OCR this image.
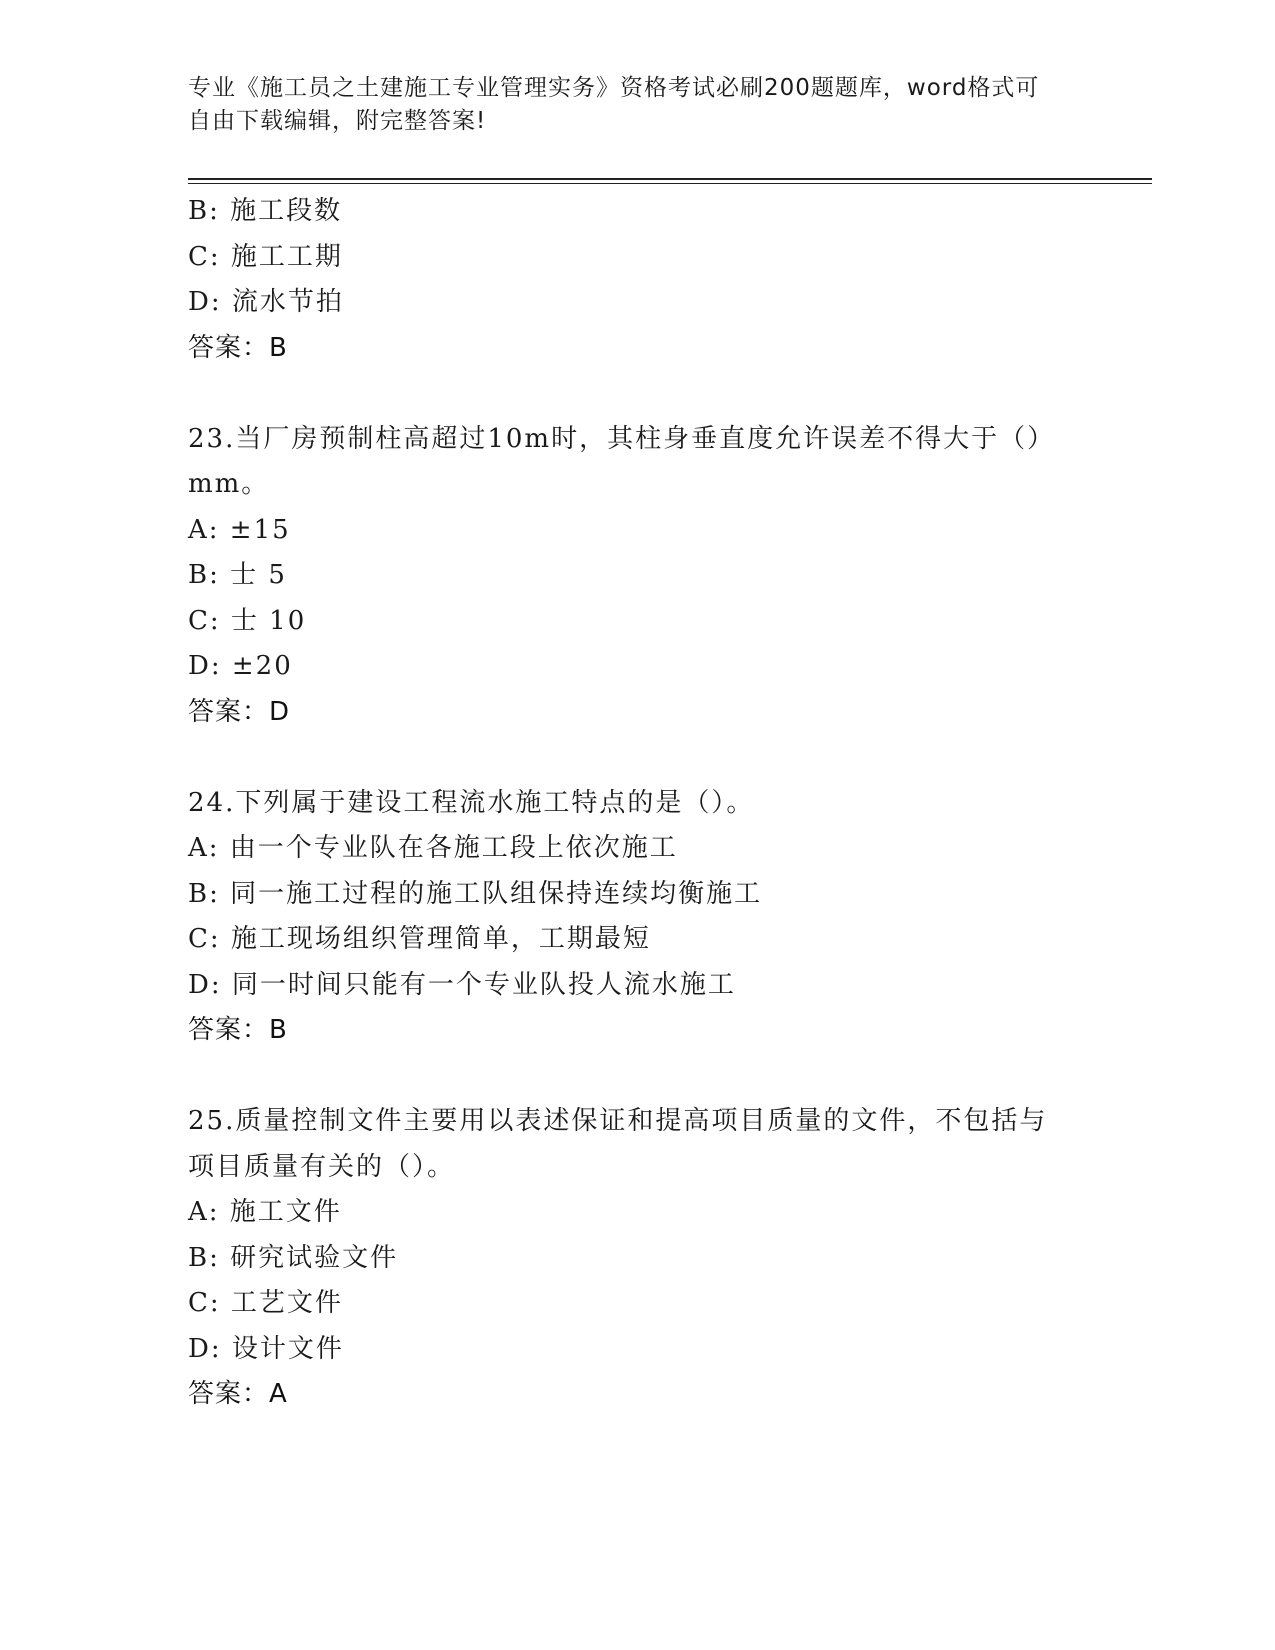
专业《施工员之土建施工专业管理实务》资格考试必刷200题题库，word格式可
自由下载编辑，附完整答案!
B: 施工段数
C: 施工工期
D: 流水节拍
答案：B
23.当厂房预制柱高超过10m时，其柱身垂直度允许误差不得大于（）
mm。
A: ±15
B: 士 5
C: 士 10
D: ±20
答案：D
24.下列属于建设工程流水施工特点的是（）。
A: 由一个专业队在各施工段上依次施工
B: 同一施工过程的施工队组保持连续均衡施工
C: 施工现场组织管理简单，工期最短
D: 同一时间只能有一个专业队投人流水施工
答案：B
25.质量控制文件主要用以表述保证和提高项目质量的文件，不包括与
项目质量有关的（）。
A: 施工文件
B: 研究试验文件
C: 工艺文件
D: 设计文件
答案：A
